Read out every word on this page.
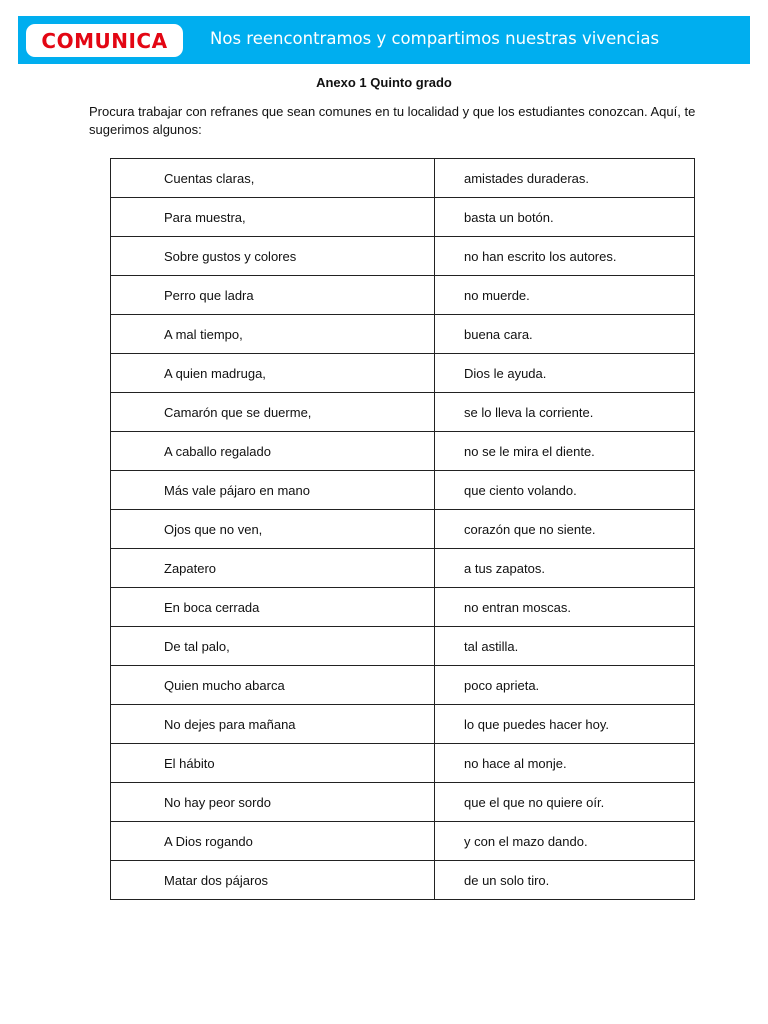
COMUNICA	Nos reencontramos y compartimos nuestras vivencias
Anexo 1 Quinto grado
Procura trabajar con refranes que sean comunes en tu localidad y que los estudiantes conozcan. Aquí, te sugerimos algunos:
Cuentas claras,	amistades duraderas.
Para muestra,	basta un botón.
Sobre gustos y colores	no han escrito los autores.
Perro que ladra	no muerde.
A mal tiempo,	buena cara.
A quien madruga,	Dios le ayuda.
Camarón que se duerme,	se lo lleva la corriente.
A caballo regalado	no se le mira el diente.
Más vale pájaro en mano	que ciento volando.
Ojos que no ven,	corazón que no siente.
Zapatero	a tus zapatos.
En boca cerrada	no entran moscas.
De tal palo,	tal astilla.
Quien mucho abarca	poco aprieta.
No dejes para mañana	lo que puedes hacer hoy.
El hábito	no hace al monje.
No hay peor sordo	que el que no quiere oír.
A Dios rogando	y con el mazo dando.
Matar dos pájaros	de un solo tiro.
